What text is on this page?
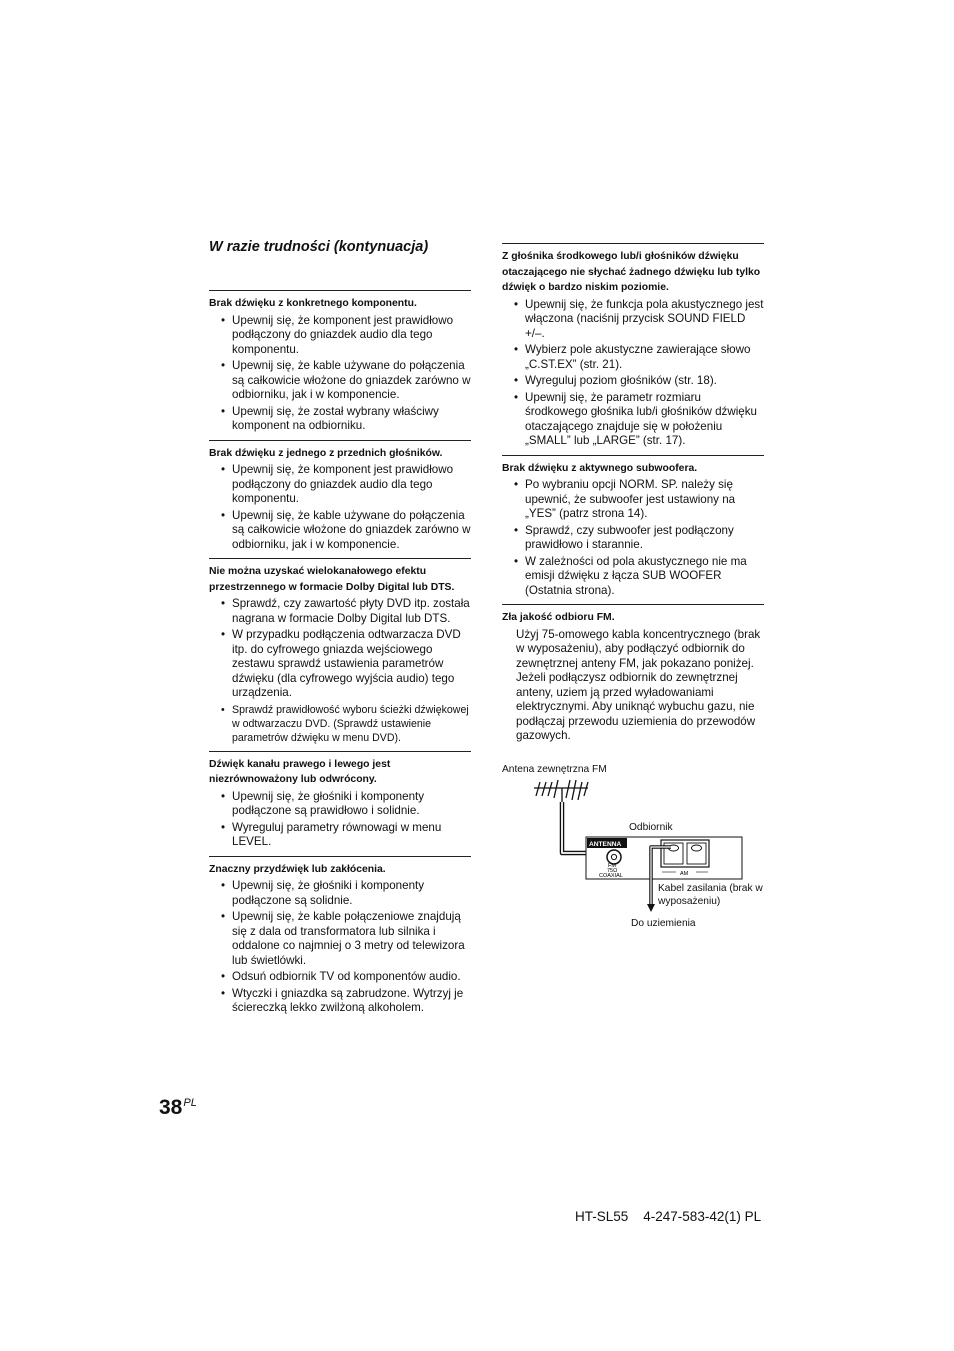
W razie trudności (kontynuacja)
Brak dźwięku z konkretnego komponentu.
• Upewnij się, że komponent jest prawidłowo podłączony do gniazdek audio dla tego komponentu.
• Upewnij się, że kable używane do połączenia są całkowicie włożone do gniazdek zarówno w odbiorniku, jak i w komponencie.
• Upewnij się, że został wybrany właściwy komponent na odbiorniku.
Brak dźwięku z jednego z przednich głośników.
• Upewnij się, że komponent jest prawidłowo podłączony do gniazdek audio dla tego komponentu.
• Upewnij się, że kable używane do połączenia są całkowicie włożone do gniazdek zarówno w odbiorniku, jak i w komponencie.
Nie można uzyskać wielokanałowego efektu przestrzennego w formacie Dolby Digital lub DTS.
• Sprawdź, czy zawartość płyty DVD itp. została nagrana w formacie Dolby Digital lub DTS.
• W przypadku podłączenia odtwarzacza DVD itp. do cyfrowego gniazda wejściowego zestawu sprawdź ustawienia parametrów dźwięku (dla cyfrowego wyjścia audio) tego urządzenia.
• Sprawdź prawidłowość wyboru ścieżki dźwiękowej w odtwarzaczu DVD. (Sprawdź ustawienie parametrów dźwięku w menu DVD).
Dźwięk kanału prawego i lewego jest niezrównoważony lub odwrócony.
• Upewnij się, że głośniki i komponenty podłączone są prawidłowo i solidnie.
• Wyreguluj parametry równowagi w menu LEVEL.
Znaczny przydźwięk lub zakłócenia.
• Upewnij się, że głośniki i komponenty podłączone są solidnie.
• Upewnij się, że kable połączeniowe znajdują się z dala od transformatora lub silnika i oddalone co najmniej o 3 metry od telewizora lub świetlówki.
• Odsuń odbiornik TV od komponentów audio.
• Wtyczki i gniazdka są zabrudzone. Wytrzyj je ściereczką lekko zwilżoną alkoholem.
Z głośnika środkowego lub/i głośników dźwięku otaczającego nie słychać żadnego dźwięku lub tylko dźwięk o bardzo niskim poziomie.
• Upewnij się, że funkcja pola akustycznego jest włączona (naciśnij przycisk SOUND FIELD +/–.
• Wybierz pole akustyczne zawierające słowo „C.ST.EX” (str. 21).
• Wyreguluj poziom głośników (str. 18).
• Upewnij się, że parametr rozmiaru środkowego głośnika lub/i głośników dźwięku otaczającego znajduje się w położeniu „SMALL” lub „LARGE” (str. 17).
Brak dźwięku z aktywnego subwoofera.
• Po wybraniu opcji NORM. SP. należy się upewnić, że subwoofer jest ustawiony na „YES” (patrz strona 14).
• Sprawdź, czy subwoofer jest podłączony prawidłowo i starannie.
• W zależności od pola akustycznego nie ma emisji dźwięku z łącza SUB WOOFER (Ostatnia strona).
Zła jakość odbioru FM.
Użyj 75-omowego kabla koncentrycznego (brak w wyposażeniu), aby podłączyć odbiornik do zewnętrznej anteny FM, jak pokazano poniżej. Jeżeli podłączysz odbiornik do zewnętrznej anteny, uziem ją przed wyładowaniami elektrycznymi. Aby uniknąć wybuchu gazu, nie podłączaj przewodu uziemienia do przewodów gazowych.
Antena zewnętrzna FM
Odbiornik
Kabel zasilania (brak w wyposażeniu)
Do uziemienia
ANTENNA
FM
75Ω
COAXIAL	AM
$38^{PL}$
HT-SL55    4-247-583-42(1) PL
